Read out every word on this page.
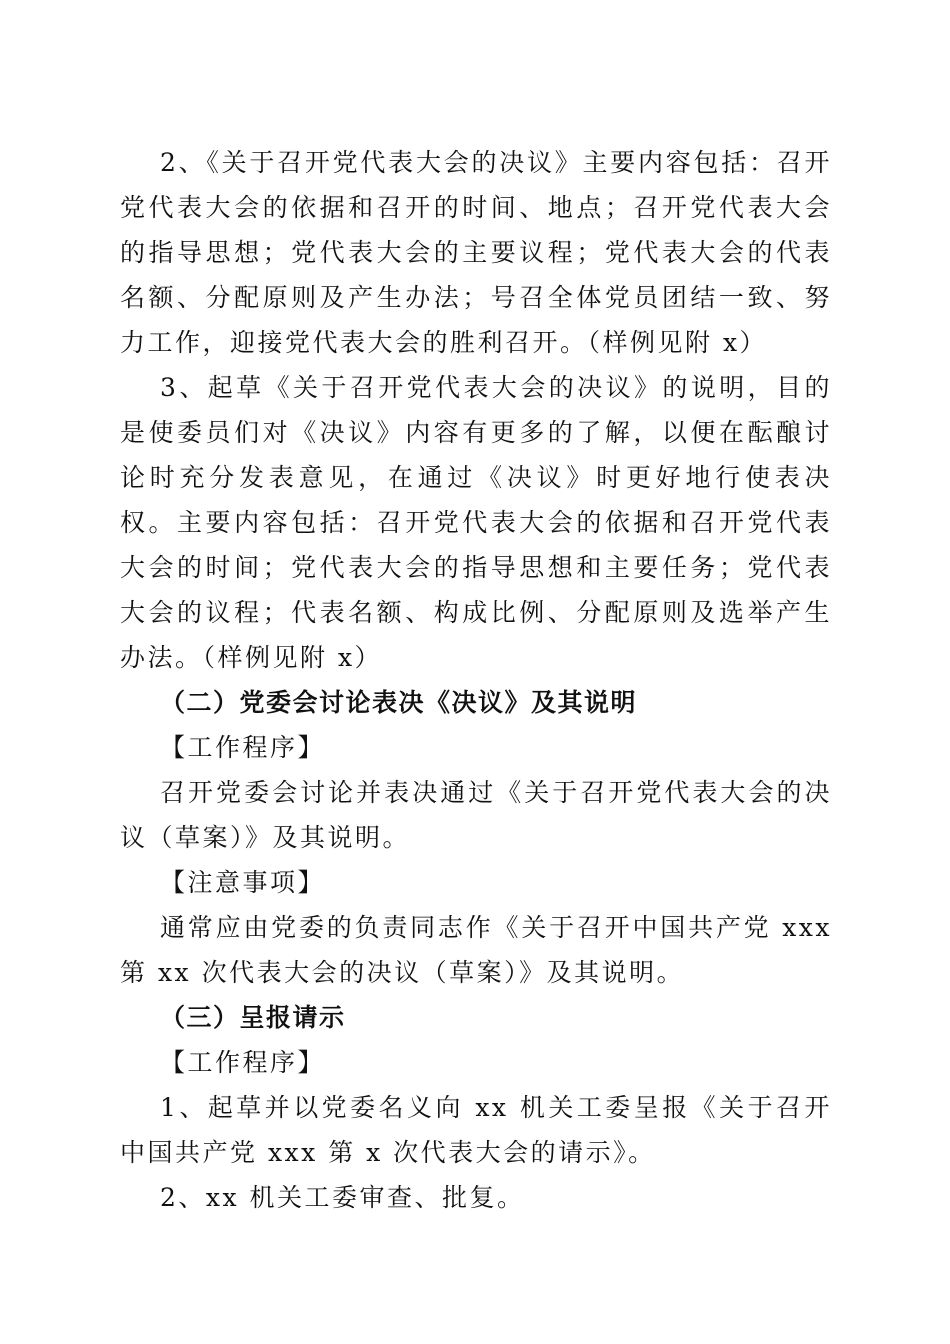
2、《关于召开党代表大会的决议》主要内容包括：召开党代表大会的依据和召开的时间、地点；召开党代表大会的指导思想；党代表大会的主要议程；党代表大会的代表名额、分配原则及产生办法；号召全体党员团结一致、努力工作，迎接党代表大会的胜利召开。（样例见附 x）

3、起草《关于召开党代表大会的决议》的说明，目的是使委员们对《决议》内容有更多的了解，以便在酝酿讨论时充分发表意见，在通过《决议》时更好地行使表决权。主要内容包括：召开党代表大会的依据和召开党代表大会的时间；党代表大会的指导思想和主要任务；党代表大会的议程；代表名额、构成比例、分配原则及选举产生办法。（样例见附 x）

（二）党委会讨论表决《决议》及其说明

【工作程序】

召开党委会讨论并表决通过《关于召开党代表大会的决议（草案）》及其说明。

【注意事项】

通常应由党委的负责同志作《关于召开中国共产党 xxx 第 xx 次代表大会的决议（草案）》及其说明。

（三）呈报请示

【工作程序】

1、起草并以党委名义向 xx 机关工委呈报《关于召开中国共产党 xxx 第 x 次代表大会的请示》。

2、xx 机关工委审查、批复。
